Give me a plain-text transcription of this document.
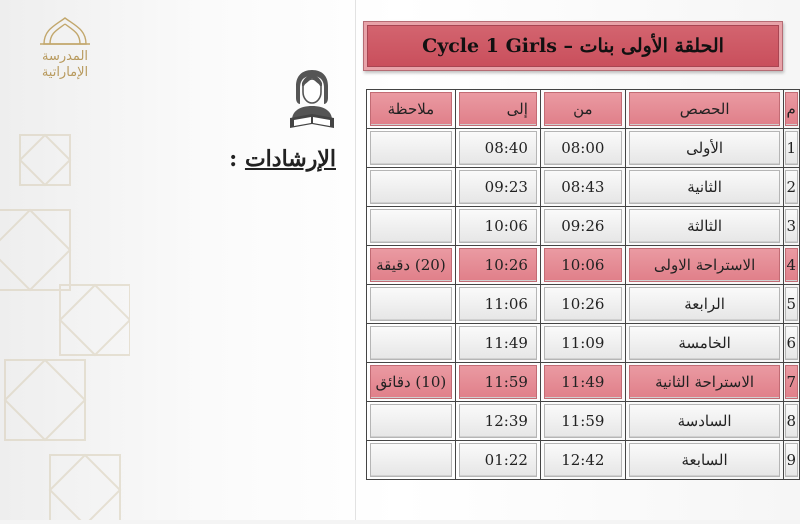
المدرسة
الإماراتية
الحلقة الأولى بنات – Cycle 1 Girls
الإرشادات :
م	الحصص	من	إلى	ملاحظة

1	الأولى	08:00	08:40	

2	الثانية	08:43	09:23	

3	الثالثة	09:26	10:06	

4	الاستراحة الاولى	10:06	10:26	(20) دقيقة

5	الرابعة	10:26	11:06	

6	الخامسة	11:09	11:49	

7	الاستراحة الثانية	11:49	11:59	(10) دقائق

8	السادسة	11:59	12:39	

9	السابعة	12:42	01:22	
